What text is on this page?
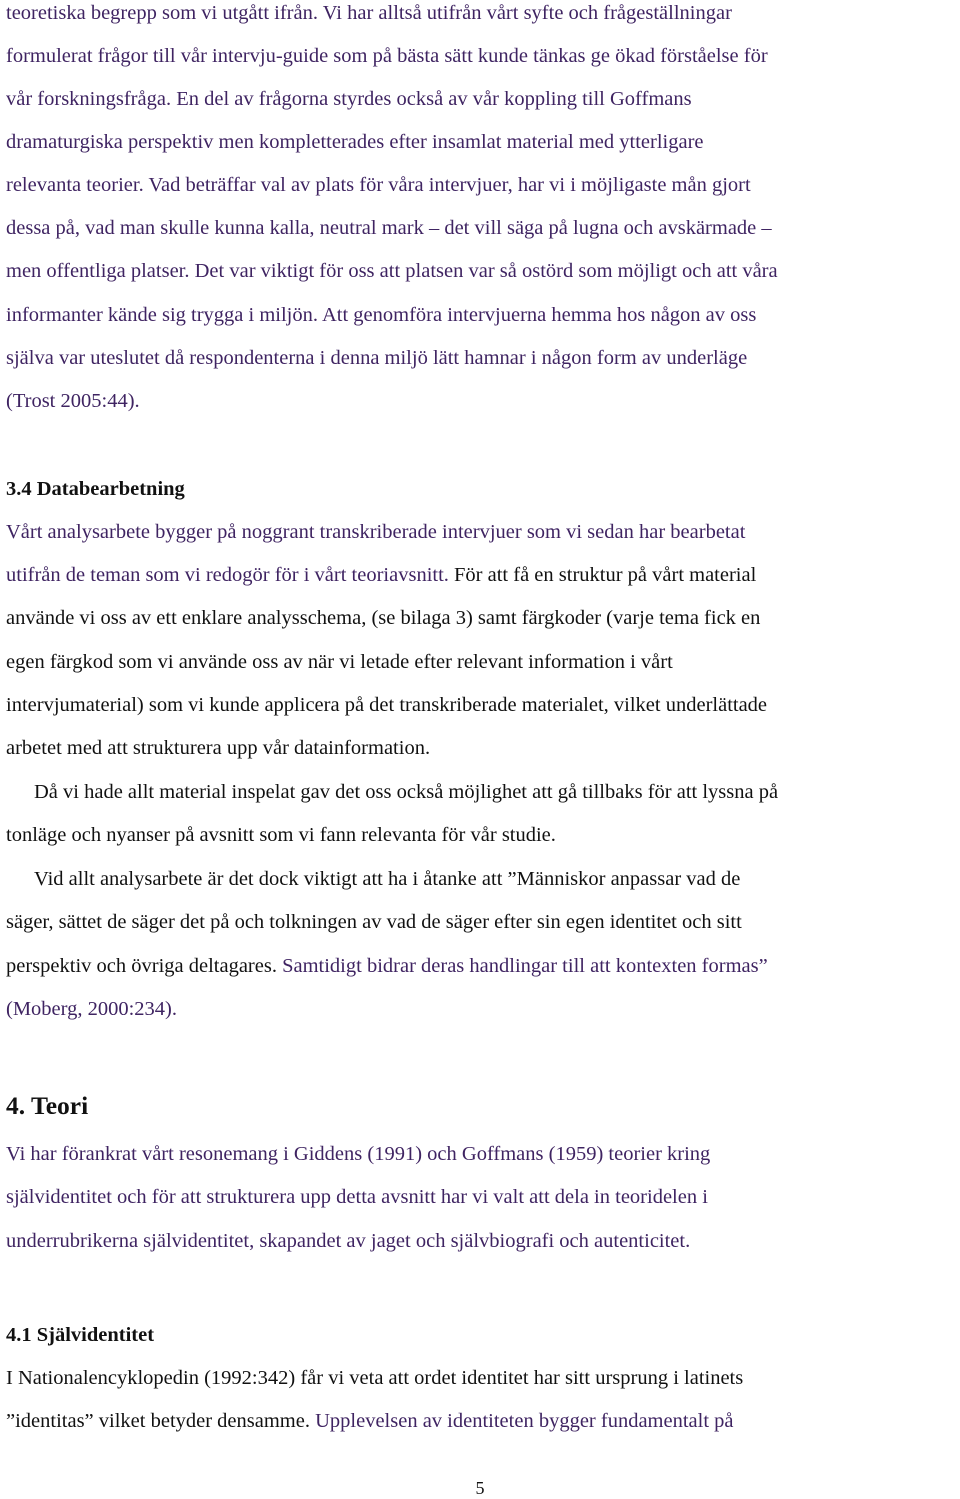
teoretiska begrepp som vi utgått ifrån. Vi har alltså utifrån vårt syfte och frågeställningar

formulerat frågor till vår intervju-guide som på bästa sätt kunde tänkas ge ökad förståelse för

vår forskningsfråga. En del av frågorna styrdes också av vår koppling till Goffmans

dramaturgiska perspektiv men kompletterades efter insamlat material med ytterligare

relevanta teorier. Vad beträffar val av plats för våra intervjuer, har vi i möjligaste mån gjort

dessa på, vad man skulle kunna kalla, neutral mark – det vill säga på lugna och avskärmade –

men offentliga platser. Det var viktigt för oss att platsen var så ostörd som möjligt och att våra

informanter kände sig trygga i miljön. Att genomföra intervjuerna hemma hos någon av oss

själva var uteslutet då respondenterna i denna miljö lätt hamnar i någon form av underläge

(Trost 2005:44).

3.4 Databearbetning

Vårt analysarbete bygger på noggrant transkriberade intervjuer som vi sedan har bearbetat

utifrån de teman som vi redogör för i vårt teoriavsnitt. För att få en struktur på vårt material

använde vi oss av ett enklare analysschema, (se bilaga 3) samt färgkoder (varje tema fick en

egen färgkod som vi använde oss av när vi letade efter relevant information i vårt

intervjumaterial) som vi kunde applicera på det transkriberade materialet, vilket underlättade

arbetet med att strukturera upp vår datainformation.

Då vi hade allt material inspelat gav det oss också möjlighet att gå tillbaks för att lyssna på

tonläge och nyanser på avsnitt som vi fann relevanta för vår studie.

Vid allt analysarbete är det dock viktigt att ha i åtanke att ”Människor anpassar vad de

säger, sättet de säger det på och tolkningen av vad de säger efter sin egen identitet och sitt

perspektiv och övriga deltagares. Samtidigt bidrar deras handlingar till att kontexten formas”

(Moberg, 2000:234).

4. Teori

Vi har förankrat vårt resonemang i Giddens (1991) och Goffmans (1959) teorier kring

självidentitet och för att strukturera upp detta avsnitt har vi valt att dela in teoridelen i

underrubrikerna självidentitet, skapandet av jaget och självbiografi och autenticitet.

4.1 Självidentitet

I Nationalencyklopedin (1992:342) får vi veta att ordet identitet har sitt ursprung i latinets

”identitas” vilket betyder densamme. Upplevelsen av identiteten bygger fundamentalt på

5
